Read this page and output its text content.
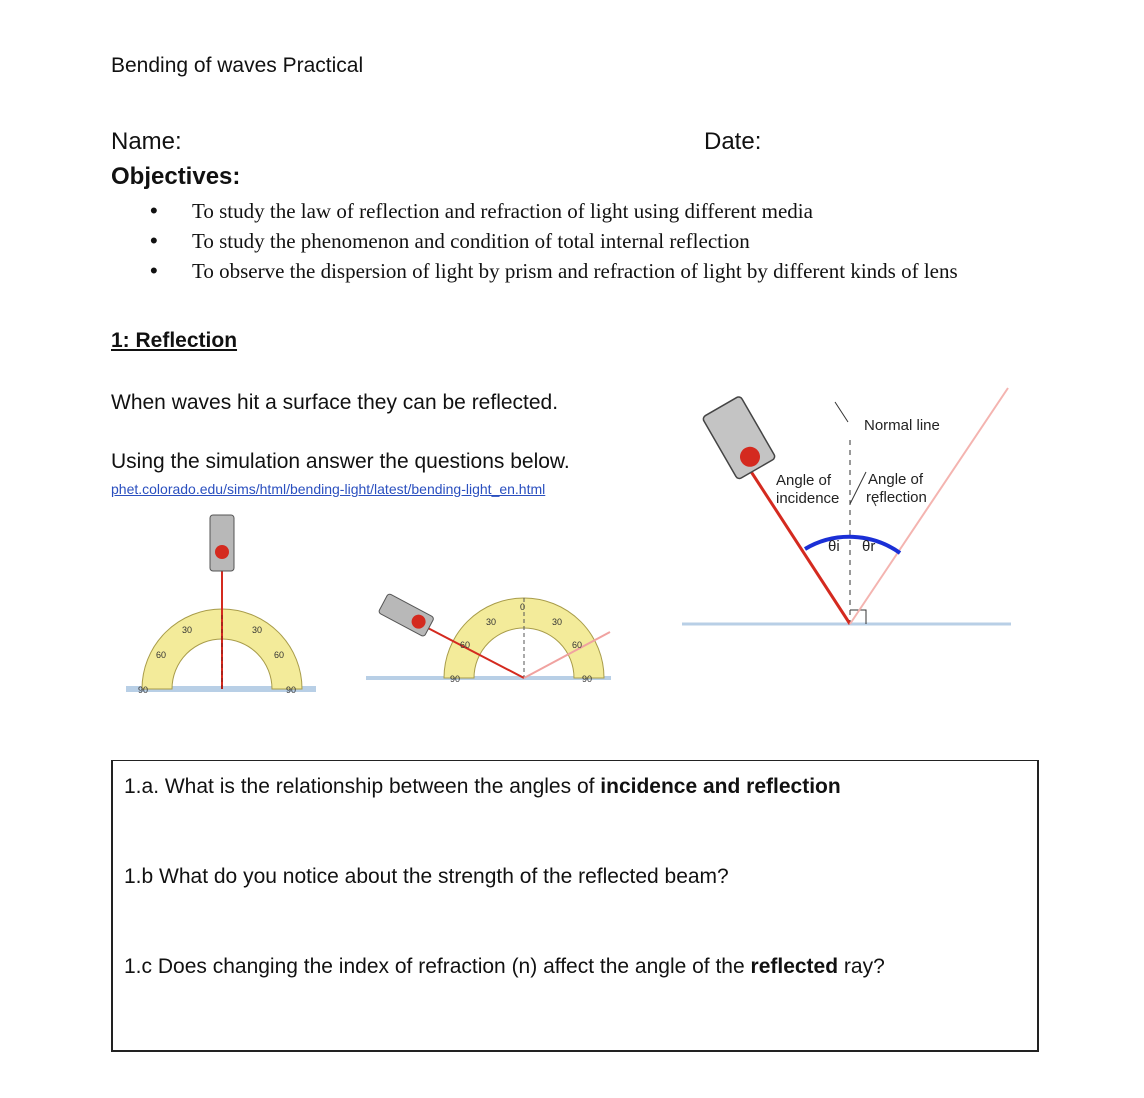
Bending of waves Practical
Name:	Date:
Objectives:
• To study the law of reflection and refraction of light using different media
• To study the phenomenon and condition of total internal reflection
• To observe the dispersion of light by prism and refraction of light by different kinds of lens
1: Reflection
When waves hit a surface they can be reflected.
Using the simulation answer the questions below.
phet.colorado.edu/sims/html/bending-light/latest/bending-light_en.html
90
60
30	30
60
90
90
60
30
0
30
60
90
Normal line
Angle of
incidence
Angle of
reflection
θi θr
1.a. What is the relationship between the angles of incidence and reflection
1.b What do you notice about the strength of the reflected beam?
1.c Does changing the index of refraction (n) affect the angle of the reflected ray?
